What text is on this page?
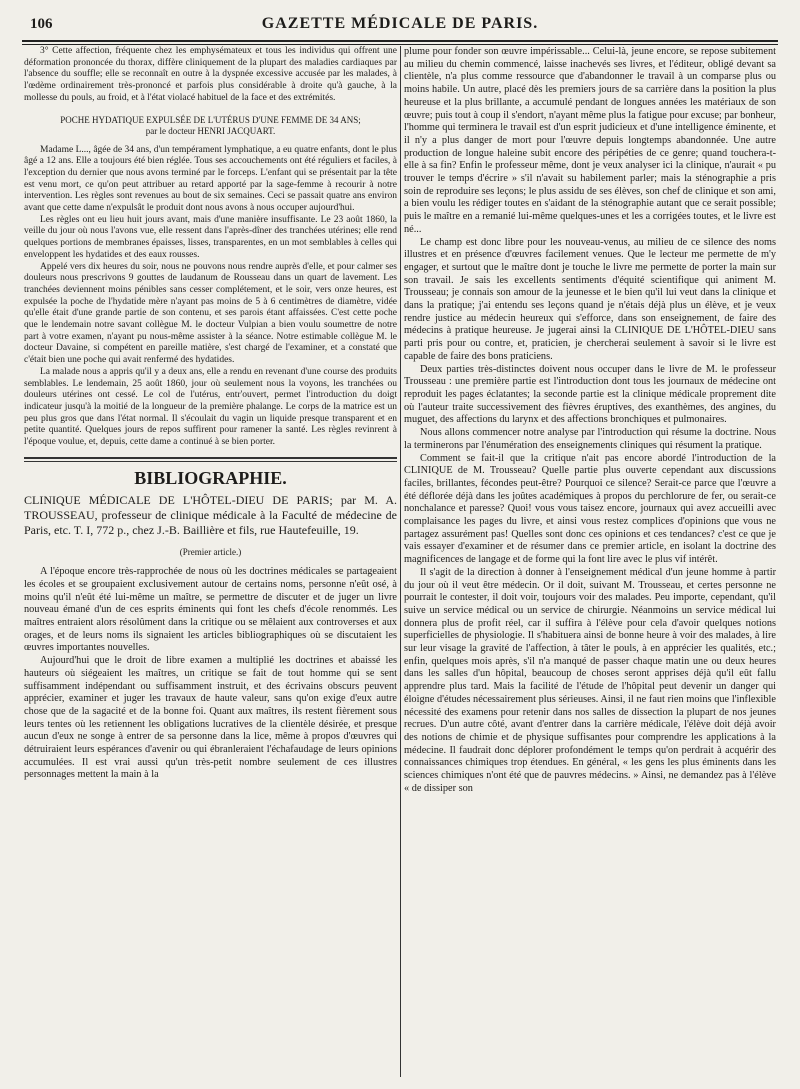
106	GAZETTE MÉDICALE DE PARIS.

3° Cette affection, fréquente chez les emphysémateux et tous les individus qui offrent une déformation prononcée du thorax, diffère cliniquement de la plupart des maladies cardiaques par l'absence du souffle; elle se reconnaît en outre à la dyspnée excessive accusée par les malades, à l'œdème ordinairement très-prononcé et parfois plus considérable à droite qu'à gauche, à la mollesse du pouls, au froid, et à l'état violacé habituel de la face et des extrémités.

POCHE HYDATIQUE EXPULSÉE DE L'UTÉRUS D'UNE FEMME DE 34 ANS;
par le docteur HENRI JACQUART.

Madame L..., âgée de 34 ans, d'un tempérament lymphatique, a eu quatre enfants, dont le plus âgé a 12 ans. Elle a toujours été bien réglée. Tous ses accouchements ont été réguliers et faciles, à l'exception du dernier que nous avons terminé par le forceps. L'enfant qui se présentait par la tête est venu mort, ce qu'on peut attribuer au retard apporté par la sage-femme à recourir à notre intervention. Les règles sont revenues au bout de six semaines. Ceci se passait quatre ans environ avant que cette dame n'expulsât le produit dont nous avons à nous occuper aujourd'hui.

Les règles ont eu lieu huit jours avant, mais d'une manière insuffisante. Le 23 août 1860, la veille du jour où nous l'avons vue, elle ressent dans l'après-dîner des tranchées utérines; elle rend quelques portions de membranes épaisses, lisses, transparentes, en un mot semblables à celles qui enveloppent les hydatides et des eaux rousses.

Appelé vers dix heures du soir, nous ne pouvons nous rendre auprès d'elle, et pour calmer ses douleurs nous prescrivons 9 gouttes de laudanum de Rousseau dans un quart de lavement. Les tranchées deviennent moins pénibles sans cesser complétement, et le soir, vers onze heures, est expulsée la poche de l'hydatide mère n'ayant pas moins de 5 à 6 centimètres de diamètre, vidée qu'elle était d'une grande partie de son contenu, et ses parois étant affaissées. C'est cette poche que le lendemain notre savant collègue M. le docteur Vulpian a bien voulu soumettre de notre part à votre examen, n'ayant pu nous-même assister à la séance. Notre estimable collègue M. le docteur Davaine, si compétent en pareille matière, s'est chargé de l'examiner, et a constaté que c'était bien une poche qui avait renfermé des hydatides.

La malade nous a appris qu'il y a deux ans, elle a rendu en revenant d'une course des produits semblables. Le lendemain, 25 août 1860, jour où seulement nous la voyons, les tranchées ou douleurs utérines ont cessé. Le col de l'utérus, entr'ouvert, permet l'introduction du doigt indicateur jusqu'à la moitié de la longueur de la première phalange. Le corps de la matrice est un peu plus gros que dans l'état normal. Il s'écoulait du vagin un liquide presque transparent et en petite quantité. Quelques jours de repos suffirent pour ramener la santé. Les règles revinrent à l'époque voulue, et, depuis, cette dame a continué à se bien porter.

BIBLIOGRAPHIE.

CLINIQUE MÉDICALE DE L'HÔTEL-DIEU DE PARIS; par M. A. TROUSSEAU, professeur de clinique médicale à la Faculté de médecine de Paris, etc. T. I, 772 p., chez J.-B. Baillière et fils, rue Hautefeuille, 19.

(Premier article.)

A l'époque encore très-rapprochée de nous où les doctrines médicales se partageaient les écoles et se groupaient exclusivement autour de certains noms, personne n'eût osé, à moins qu'il n'eût été lui-même un maître, se permettre de discuter et de juger un livre nouveau émané d'un de ces esprits éminents qui font les chefs d'école renommés. Les maîtres entraient alors résolûment dans la critique ou se mêlaient aux controverses et aux orages, et de leurs noms ils signaient les articles bibliographiques où se discutaient les œuvres importantes nouvelles.

Aujourd'hui que le droit de libre examen a multiplié les doctrines et abaissé les hauteurs où siégeaient les maîtres, un critique se fait de tout homme qui se sent suffisamment indépendant ou suffisamment instruit, et des écrivains obscurs peuvent apprécier, examiner et juger les travaux de haute valeur, sans qu'on exige d'eux autre chose que de la sagacité et de la bonne foi. Quant aux maîtres, ils restent fièrement sous leurs tentes où les retiennent les obligations lucratives de la clientèle désirée, et presque aucun d'eux ne songe à entrer de sa personne dans la lice, même à propos d'œuvres qui détruiraient leurs espérances d'avenir ou qui ébranleraient l'échafaudage de leurs opinions accumulées. Il est vrai aussi qu'un très-petit nombre seulement de ces illustres personnages mettent la main à la

plume pour fonder son œuvre impérissable... Celui-là, jeune encore, se repose subitement au milieu du chemin commencé, laisse inachevés ses livres, et l'éditeur, obligé devant sa clientèle, n'a plus comme ressource que d'abandonner le travail à un comparse plus ou moins habile. Un autre, placé dès les premiers jours de sa carrière dans la position la plus heureuse et la plus brillante, a accumulé pendant de longues années les matériaux de son œuvre; puis tout à coup il s'endort, n'ayant même plus la fatigue pour excuse; par bonheur, l'homme qui terminera le travail est d'un esprit judicieux et d'une intelligence éminente, et il n'y a plus danger de mort pour l'œuvre depuis longtemps abandonnée. Une autre production de longue haleine subit encore des péripéties de ce genre; quand touchera-t-elle à sa fin? Enfin le professeur même, dont je veux analyser ici la clinique, n'aurait « pu trouver le temps d'écrire » s'il n'avait su habilement parler; mais la sténographie a pris soin de reproduire ses leçons; le plus assidu de ses élèves, son chef de clinique et son ami, a bien voulu les rédiger toutes en s'aidant de la sténographie autant que ce serait possible; puis le maître en a remanié lui-même quelques-unes et les a corrigées toutes, et le livre est né...

Le champ est donc libre pour les nouveau-venus, au milieu de ce silence des noms illustres et en présence d'œuvres facilement venues. Que le lecteur me permette de m'y engager, et surtout que le maître dont je touche le livre me permette de porter la main sur son travail. Je sais les excellents sentiments d'équité scientifique qui animent M. Trousseau; je connais son amour de la jeunesse et le bien qu'il lui veut dans la clinique et dans la pratique; j'ai entendu ses leçons quand je n'étais déjà plus un élève, et je veux rendre justice au médecin heureux qui s'efforce, dans son enseignement, de faire des médecins à pratique heureuse. Je jugerai ainsi la CLINIQUE DE L'HÔTEL-DIEU sans parti pris pour ou contre, et, praticien, je chercherai seulement à savoir si le livre est capable de faire des bons praticiens.

Deux parties très-distinctes doivent nous occuper dans le livre de M. le professeur Trousseau : une première partie est l'introduction dont tous les journaux de médecine ont reproduit les pages éclatantes; la seconde partie est la clinique médicale proprement dite où l'auteur traite successivement des fièvres éruptives, des exanthèmes, des angines, du muguet, des affections du larynx et des affections bronchiques et pulmonaires.

Nous allons commencer notre analyse par l'introduction qui résume la doctrine. Nous la terminerons par l'énumération des enseignements cliniques qui résument la pratique.

Comment se fait-il que la critique n'ait pas encore abordé l'introduction de la CLINIQUE de M. Trousseau? Quelle partie plus ouverte cependant aux discussions faciles, brillantes, fécondes peut-être? Pourquoi ce silence? Serait-ce parce que l'œuvre a été déflorée déjà dans les joûtes académiques à propos du perchlorure de fer, ou serait-ce nonchalance et paresse? Quoi! vous vous taisez encore, journaux qui avez accueilli avec complaisance les pages du livre, et ainsi vous restez complices d'opinions que vous ne partagez assurément pas! Quelles sont donc ces opinions et ces tendances? c'est ce que je vais essayer d'examiner et de résumer dans ce premier article, en isolant la doctrine des magnificences de langage et de forme qui la font lire avec le plus vif intérêt.

Il s'agit de la direction à donner à l'enseignement médical d'un jeune homme à partir du jour où il veut être médecin. Or il doit, suivant M. Trousseau, et certes personne ne pourrait le contester, il doit voir, toujours voir des malades. Peu importe, cependant, qu'il suive un service médical ou un service de chirurgie. Néanmoins un service médical lui donnera plus de profit réel, car il suffira à l'élève pour cela d'avoir quelques notions superficielles de physiologie. Il s'habituera ainsi de bonne heure à voir des malades, à lire sur leur visage la gravité de l'affection, à tâter le pouls, à en apprécier les qualités, etc.; enfin, quelques mois après, s'il n'a manqué de passer chaque matin une ou deux heures dans les salles d'un hôpital, beaucoup de choses seront apprises déjà qu'il eût fallu apprendre plus tard. Mais la facilité de l'étude de l'hôpital peut devenir un danger qui éloigne d'études nécessairement plus sérieuses. Ainsi, il ne faut rien moins que l'inflexible nécessité des examens pour retenir dans nos salles de dissection la plupart de nos jeunes recrues. D'un autre côté, avant d'entrer dans la carrière médicale, l'élève doit déjà avoir des notions de chimie et de physique suffisantes pour comprendre les applications à la médecine. Il faudrait donc déplorer profondément le temps qu'on perdrait à acquérir des connaissances chimiques trop étendues. En général, « les gens les plus éminents dans les sciences chimiques n'ont été que de pauvres médecins. » Ainsi, ne demandez pas à l'élève « de dissiper son
